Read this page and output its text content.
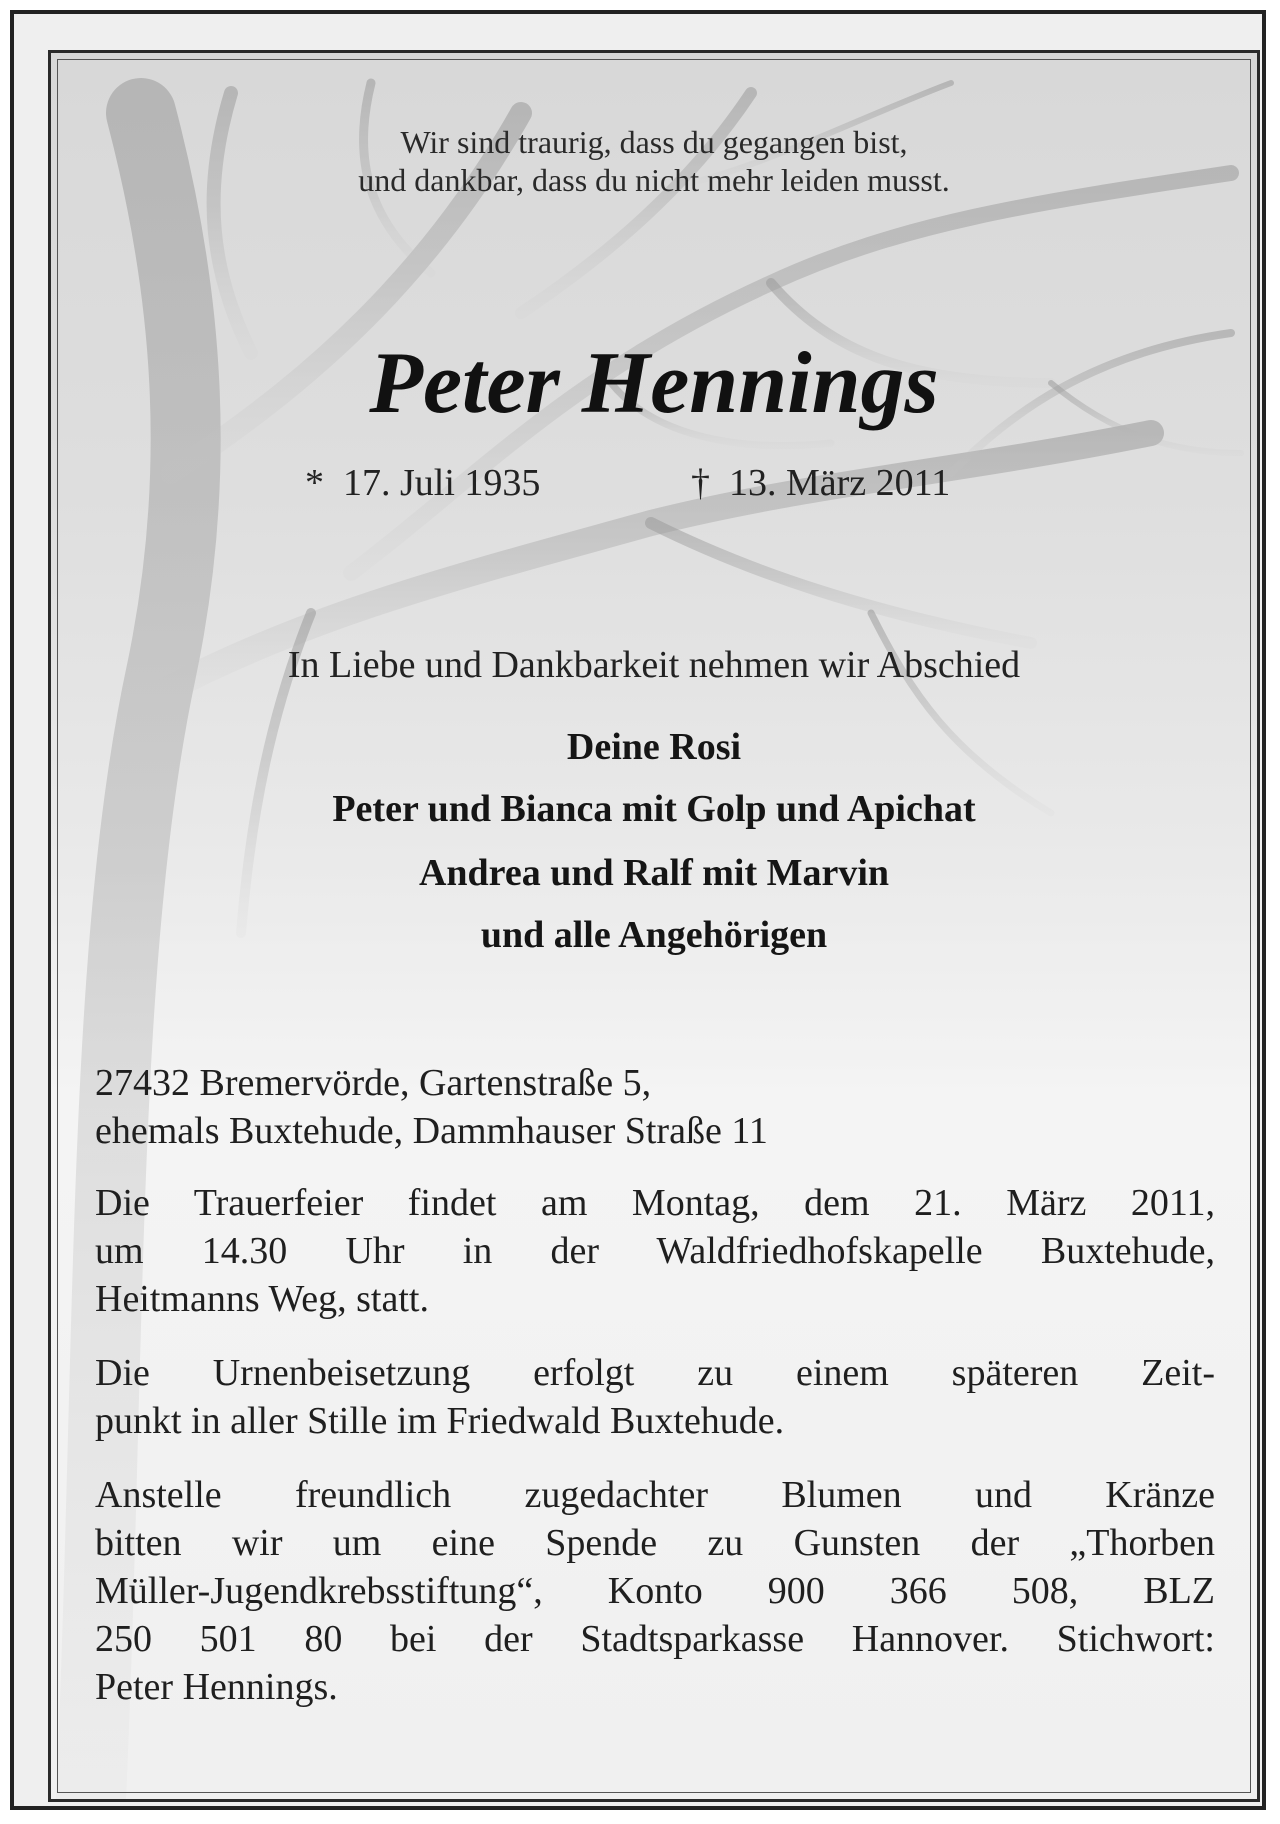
Wir sind traurig, dass du gegangen bist,
und dankbar, dass du nicht mehr leiden musst.
Peter Hennings
*  17. Juli 1935	†  13. März 2011
In Liebe und Dankbarkeit nehmen wir Abschied
Deine Rosi
Peter und Bianca mit Golp und Apichat
Andrea und Ralf mit Marvin
und alle Angehörigen
27432 Bremervörde, Gartenstraße 5,
ehemals Buxtehude, Dammhauser Straße 11
Die Trauerfeier findet am Montag, dem 21. März 2011,
um 14.30 Uhr in der Waldfriedhofskapelle Buxtehude,
Heitmanns Weg, statt.
Die Urnenbeisetzung erfolgt zu einem späteren Zeit-
punkt in aller Stille im Friedwald Buxtehude.
Anstelle freundlich zugedachter Blumen und Kränze
bitten wir um eine Spende zu Gunsten der „Thorben
Müller-Jugendkrebsstiftung“, Konto 900 366 508, BLZ
250 501 80 bei der Stadtsparkasse Hannover. Stichwort:
Peter Hennings.
